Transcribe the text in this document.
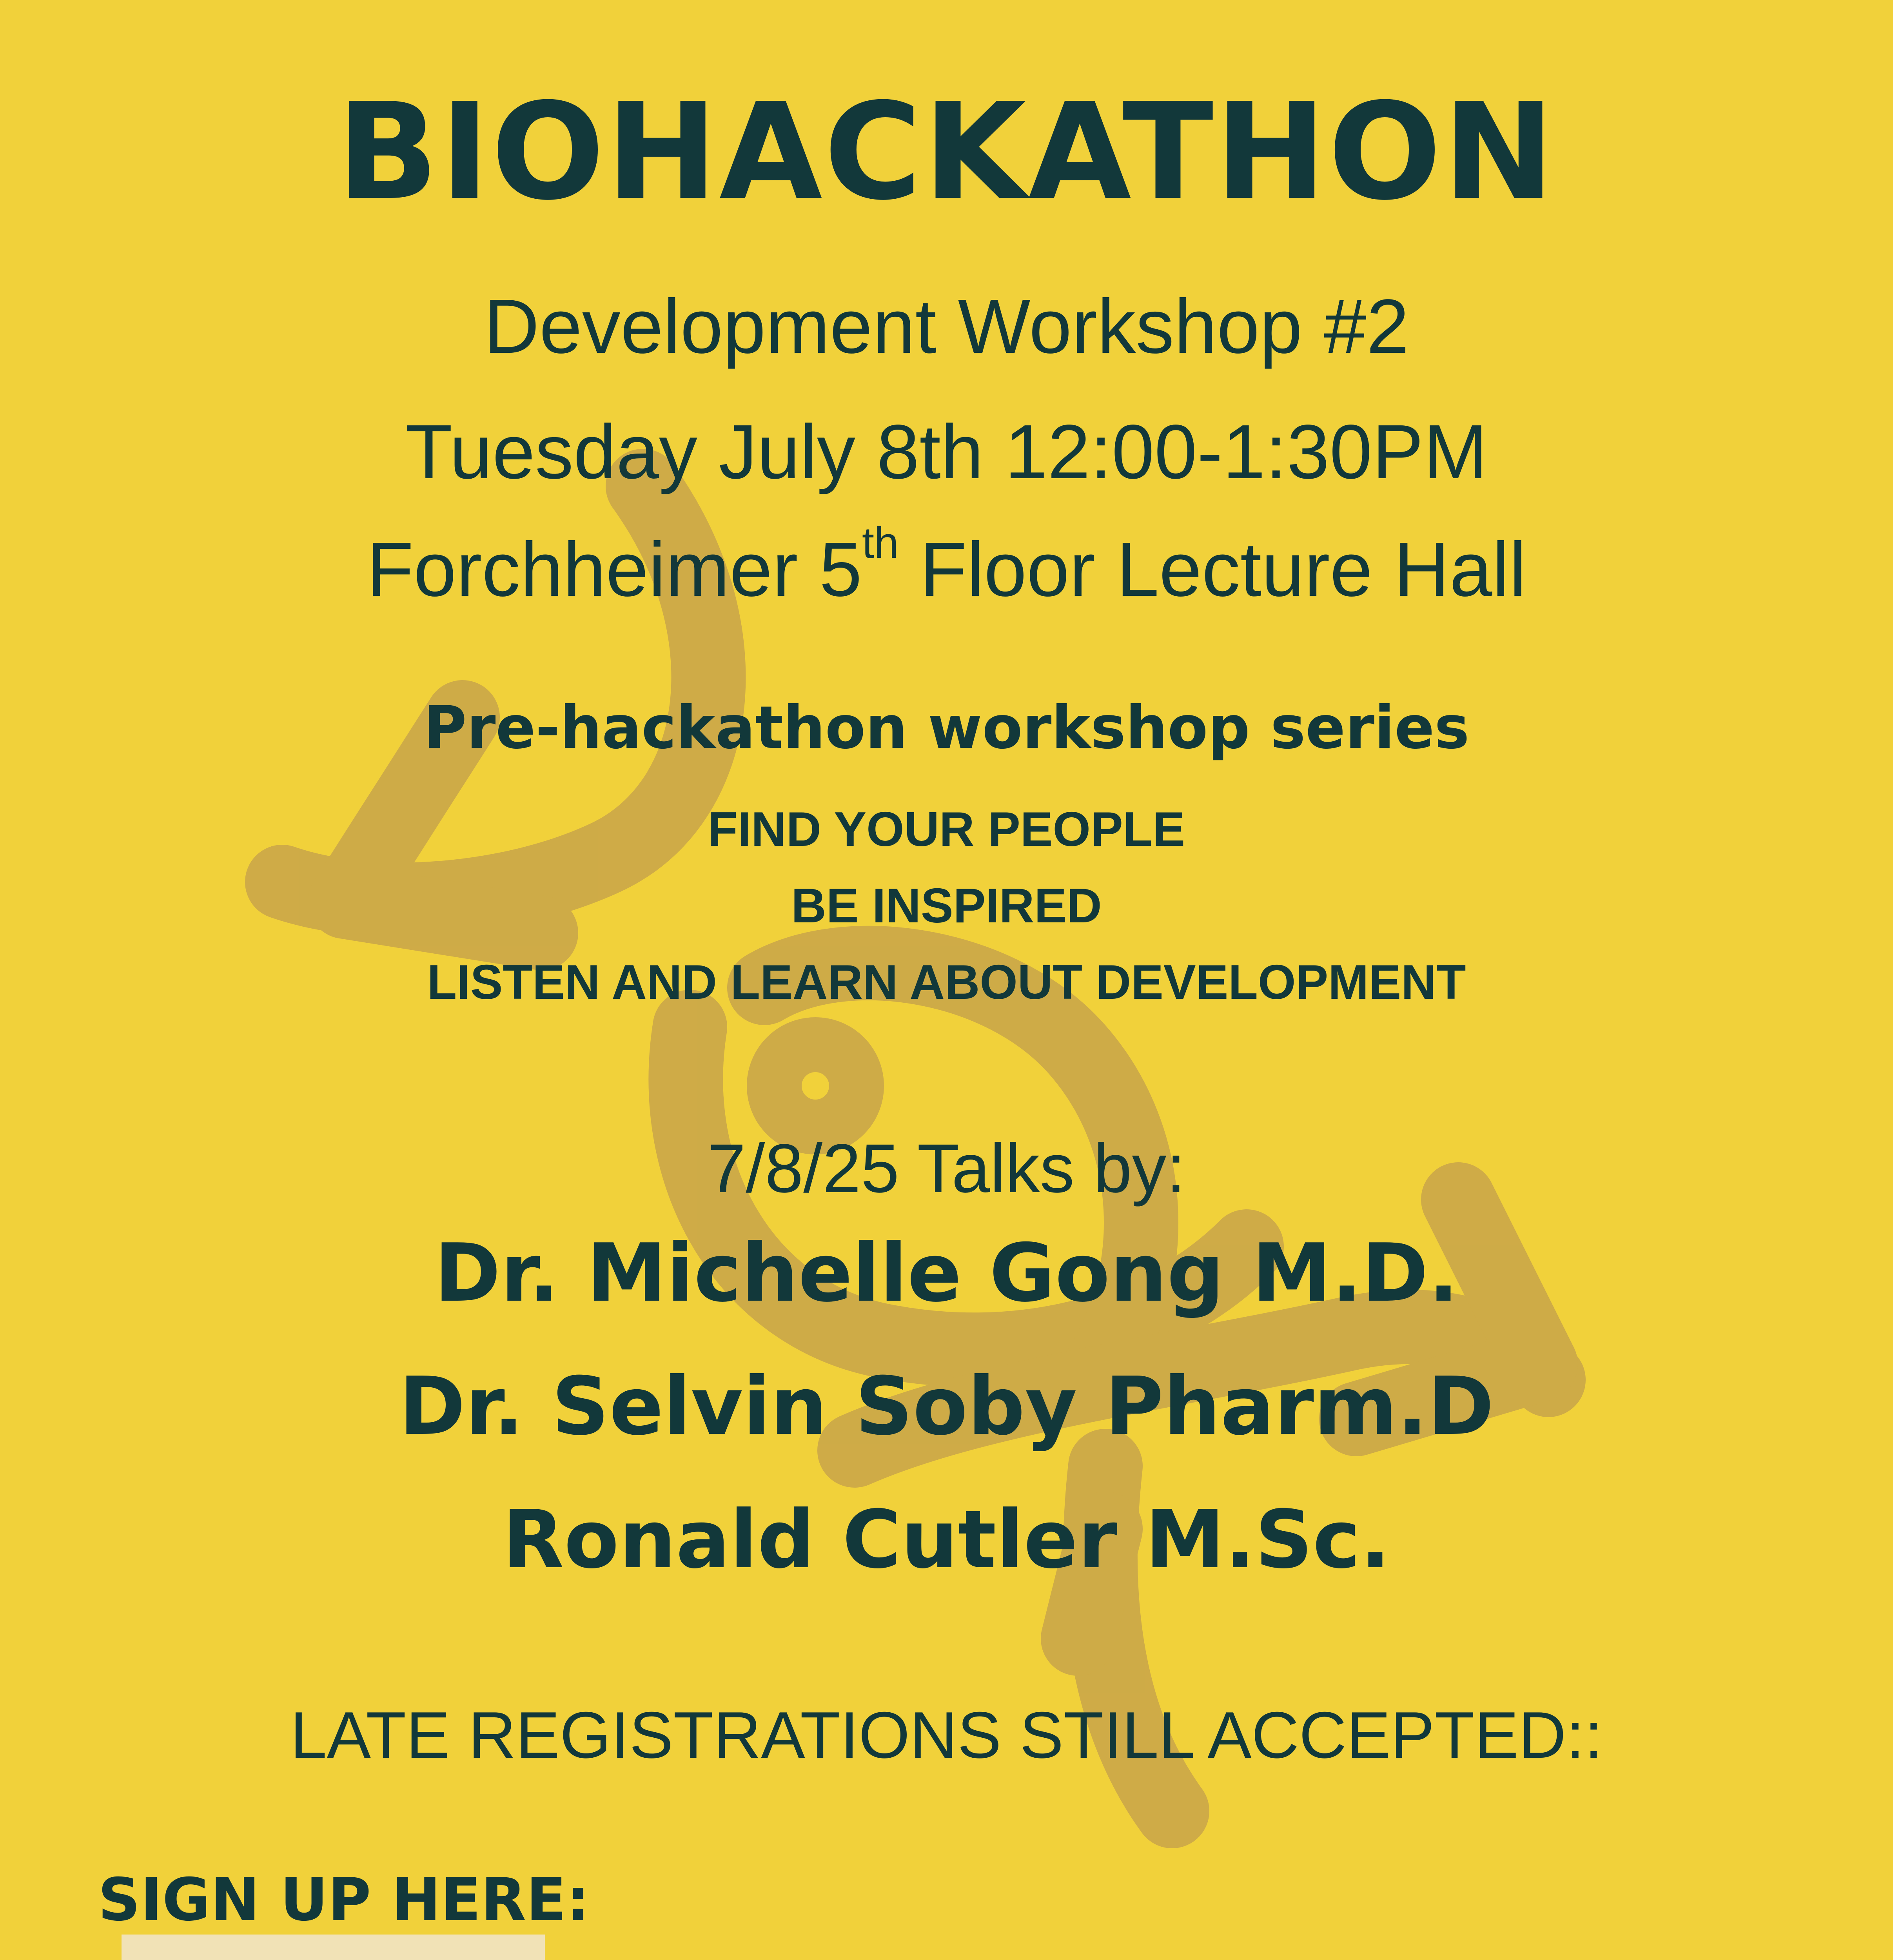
BIOHACKATHON
Development Workshop #2
Tuesday July 8th 12:00-1:30PM
Forchheimer 5th Floor Lecture Hall
Pre-hackathon workshop series
FIND YOUR PEOPLE
BE INSPIRED
LISTEN AND LEARN ABOUT DEVELOPMENT
7/8/25 Talks by:
Dr. Michelle Gong M.D.
Dr. Selvin Soby Pharm.D
Ronald Cutler M.Sc.
LATE REGISTRATIONS STILL ACCEPTED::
SIGN UP HERE:
